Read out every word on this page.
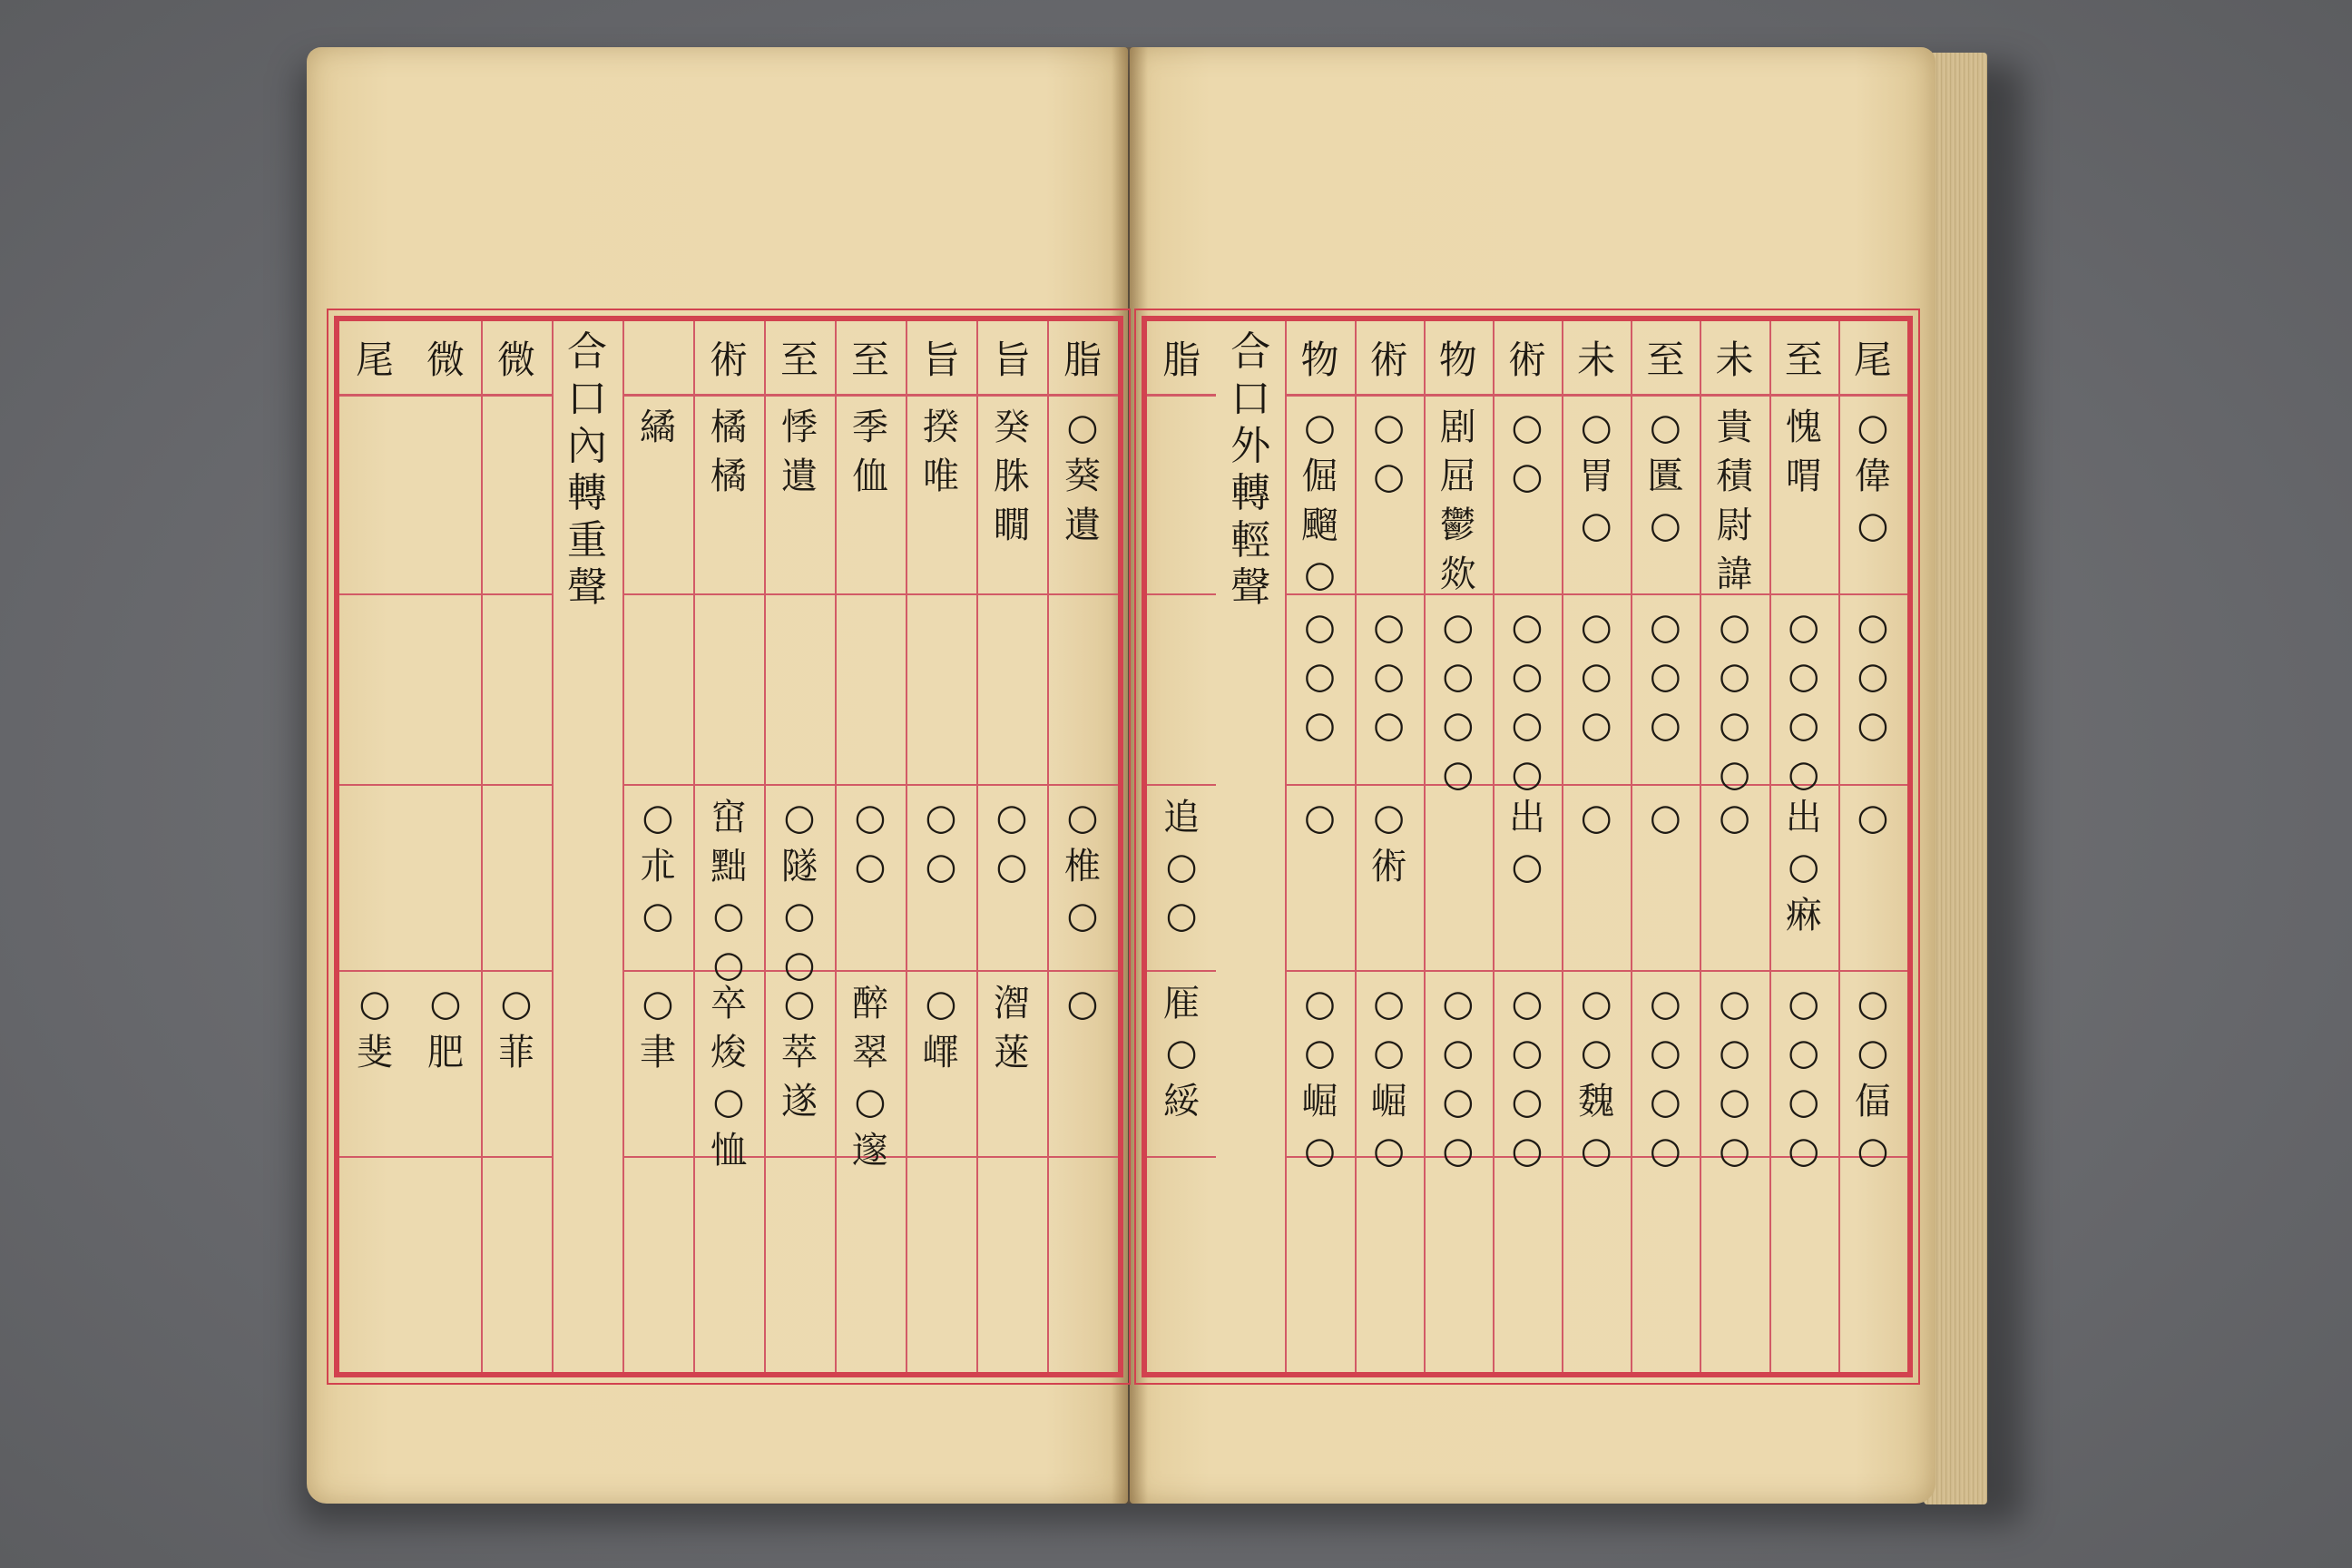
脂
○
葵
遺
○
椎
○
○
旨
癸
䏭
瞯
○
○
潪
蒾
旨
揆
唯
○
○
○
嶵
至
季
侐
○
○
醉
翠
○
邃
至
悸
遺
○
隧
○
○
○
萃
遂
術
橘
橘
窋
黜
○
○
卒
焌
○
恤
繘
○
朮
○
○
聿
合
口
內
轉
重
聲
微
○
菲
微
○
肥
尾
○
斐
尾
○
偉
○
○
○
○
○
○
○
偪
○
至
愧
喟
○
○
○
○
出
○
痳
○
○
○
○
未
貴
積
尉
諱
○
○
○
○
○
○
○
○
○
至
○
匱
○
○
○
○
○
○
○
○
○
未
○
胃
○
○
○
○
○
○
○
魏
○
術
○
○
○
○
○
○
出
○
○
○
○
○
物
剧
屈
鬱
欻
○
○
○
○
○
○
○
○
術
○
○
○
○
○
○
術
○
○
崛
○
物
○
倔
飀
○
○
○
○
○
○
○
崛
○
合
口
外
轉
輕
聲
脂
追
○
○
㕍
○
綏
